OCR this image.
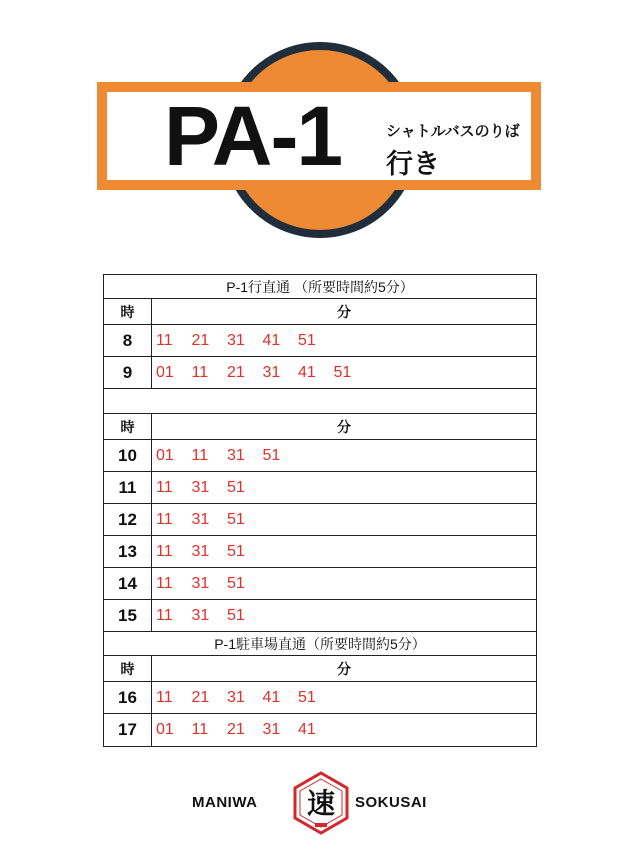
PA-1	シャトルバスのりば
行き
P-1行直通 （所要時間約5分）
時	分
8	11	21	31	41	51
9	01	11	21	31	41	51
時	分
10	01	11	31	51
11	11	31	51
12	11	31	51
13	11	31	51
14	11	31	51
15	11	31	51
P-1駐車場直通（所要時間約5分）
時	分
16	11	21	31	41	51
17	01	11	21	31	41
MANIWA 速 SOKUSAI
